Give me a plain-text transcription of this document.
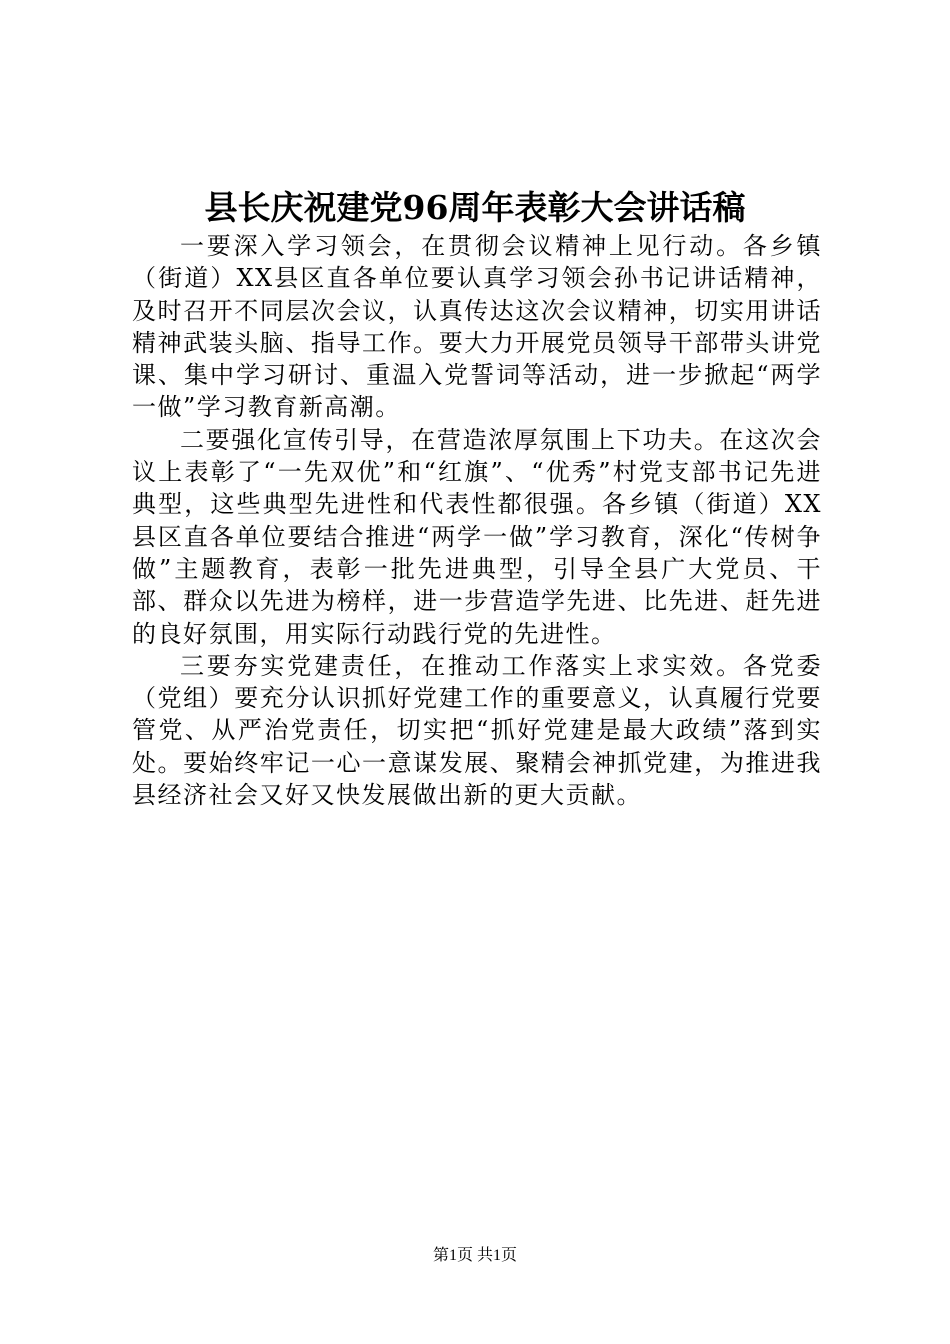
县长庆祝建党96周年表彰大会讲话稿

一要深入学习领会，在贯彻会议精神上见行动。各乡镇（街道）XX县区直各单位要认真学习领会孙书记讲话精神，及时召开不同层次会议，认真传达这次会议精神，切实用讲话精神武装头脑、指导工作。要大力开展党员领导干部带头讲党课、集中学习研讨、重温入党誓词等活动，进一步掀起“两学一做”学习教育新高潮。

二要强化宣传引导，在营造浓厚氛围上下功夫。在这次会议上表彰了“一先双优”和“红旗”、“优秀”村党支部书记先进典型，这些典型先进性和代表性都很强。各乡镇（街道）XX县区直各单位要结合推进“两学一做”学习教育，深化“传树争做”主题教育，表彰一批先进典型，引导全县广大党员、干部、群众以先进为榜样，进一步营造学先进、比先进、赶先进的良好氛围，用实际行动践行党的先进性。

三要夯实党建责任，在推动工作落实上求实效。各党委（党组）要充分认识抓好党建工作的重要意义，认真履行党要管党、从严治党责任，切实把“抓好党建是最大政绩”落到实处。要始终牢记一心一意谋发展、聚精会神抓党建，为推进我县经济社会又好又快发展做出新的更大贡献。

第1页 共1页
